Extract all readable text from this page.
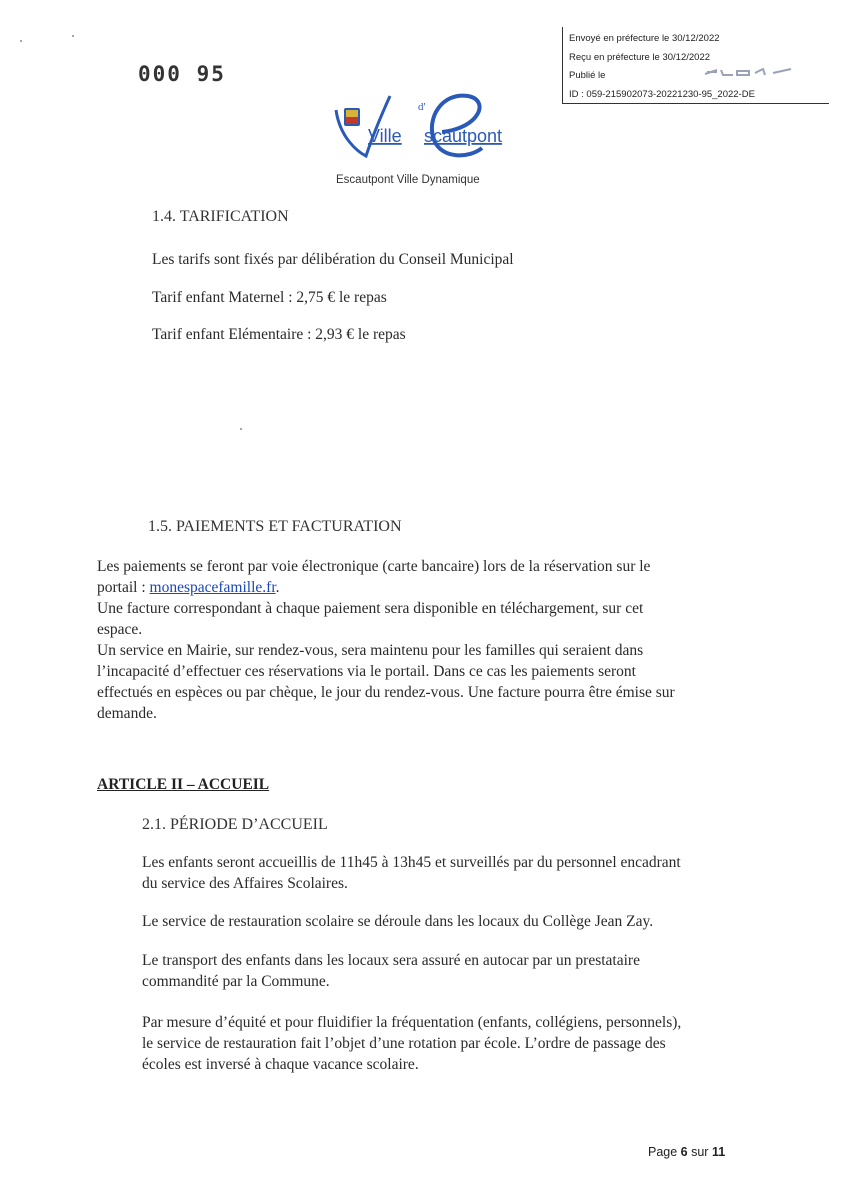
000 95
Envoyé en préfecture le 30/12/2022
Reçu en préfecture le 30/12/2022
Publié le
ID : 059-215902073-20221230-95_2022-DE
d'
Ville scautpont
Escautpont Ville Dynamique
1.4. TARIFICATION
Les tarifs sont fixés par délibération du Conseil Municipal
Tarif enfant Maternel : 2,75 € le repas
Tarif enfant Elémentaire : 2,93 € le repas
1.5. PAIEMENTS ET FACTURATION
Les paiements se feront par voie électronique (carte bancaire) lors de la réservation sur le
portail : monespacefamille.fr.
Une facture correspondant à chaque paiement sera disponible en téléchargement, sur cet
espace.
Un service en Mairie, sur rendez-vous, sera maintenu pour les familles qui seraient dans
l’incapacité d’effectuer ces réservations via le portail. Dans ce cas les paiements seront
effectués en espèces ou par chèque, le jour du rendez-vous. Une facture pourra être émise sur
demande.
ARTICLE II – ACCUEIL
2.1. PÉRIODE D’ACCUEIL
Les enfants seront accueillis de 11h45 à 13h45 et surveillés par du personnel encadrant
du service des Affaires Scolaires.
Le service de restauration scolaire se déroule dans les locaux du Collège Jean Zay.
Le transport des enfants dans les locaux sera assuré en autocar par un prestataire
commandité par la Commune.
Par mesure d’équité et pour fluidifier la fréquentation (enfants, collégiens, personnels),
le service de restauration fait l’objet d’une rotation par école. L’ordre de passage des
écoles est inversé à chaque vacance scolaire.
Page 6 sur 11
